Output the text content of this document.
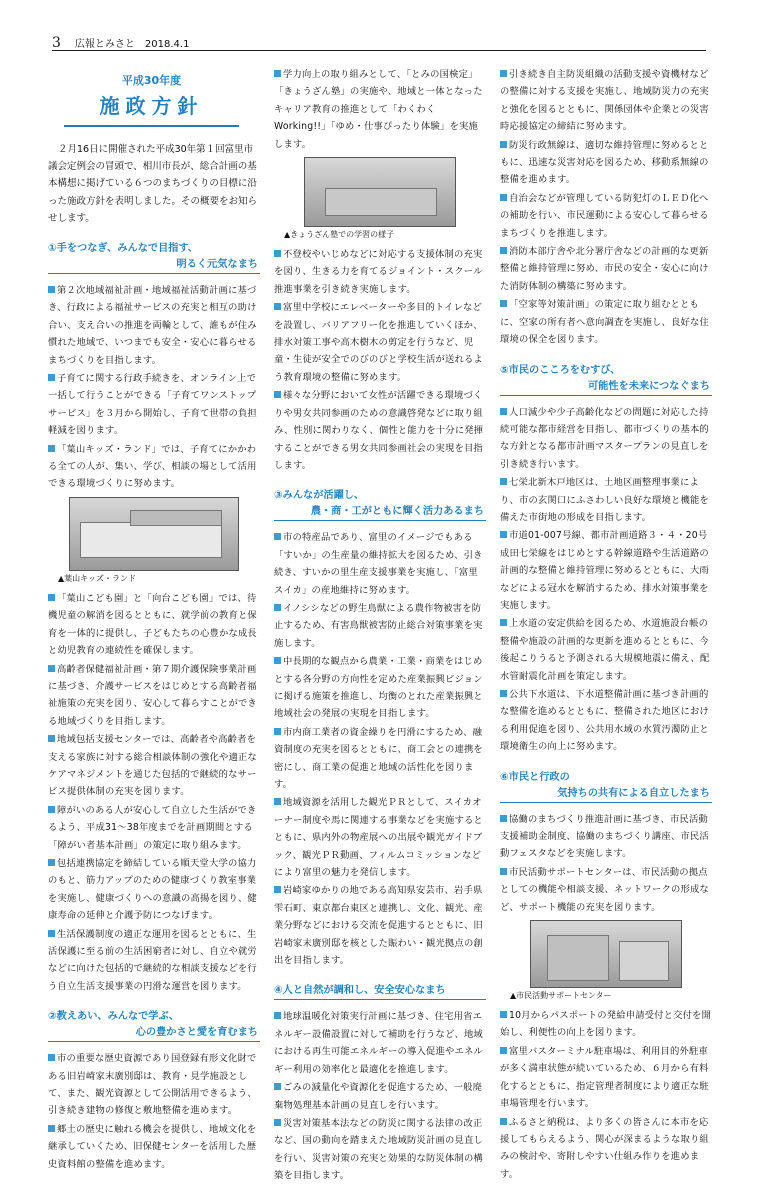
3 広報とみさと 2018.4.1
平成30年度
施政方針
２月16日に開催された平成30年第１回富里市議会定例会の冒頭で、相川市長が、総合計画の基本構想に掲げている６つのまちづくりの目標に沿った施政方針を表明しました。その概要をお知らせします。
①手をつなぎ、みんなで目指す、
明るく元気なまち
第２次地域福祉計画・地域福祉活動計画に基づき、行政による福祉サービスの充実と相互の助け合い、支え合いの推進を両輪として、誰もが住み慣れた地域で、いつまでも安全・安心に暮らせるまちづくりを目指します。
子育てに関する行政手続きを、オンライン上で一括して行うことができる「子育てワンストップサービス」を３月から開始し、子育て世帯の負担軽減を図ります。
「葉山キッズ・ランド」では、子育てにかかわる全ての人が、集い、学び、相談の場として活用できる環境づくりに努めます。
▲葉山キッズ・ランド
「葉山こども園」と「向台こども園」では、待機児童の解消を図るとともに、就学前の教育と保育を一体的に提供し、子どもたちの心豊かな成長と幼児教育の連続性を確保します。
高齢者保健福祉計画・第７期介護保険事業計画に基づき、介護サービスをはじめとする高齢者福祉施策の充実を図り、安心して暮らすことができる地域づくりを目指します。
地域包括支援センターでは、高齢者や高齢者を支える家族に対する総合相談体制の強化や適正なケアマネジメントを通じた包括的で継続的なサービス提供体制の充実を図ります。
障がいのある人が安心して自立した生活ができるよう、平成31～38年度までを計画期間とする「障がい者基本計画」の策定に取り組みます。
包括連携協定を締結している順天堂大学の協力のもと、筋力アップのための健康づくり教室事業を実施し、健康づくりへの意識の高揚を図り、健康寿命の延伸と介護予防につなげます。
生活保護制度の適正な運用を図るとともに、生活保護に至る前の生活困窮者に対し、自立や就労などに向けた包括的で継続的な相談支援などを行う自立生活支援事業の円滑な運営を図ります。
②教えあい、みんなで学ぶ、
心の豊かさと愛を育むまち
市の重要な歴史資源であり国登録有形文化財である旧岩崎家末廣別邸は、教育・見学施設として、また、観光資源として公開活用できるよう、引き続き建物の修復と敷地整備を進めます。
郷土の歴史に触れる機会を提供し、地域文化を継承していくため、旧保健センターを活用した歴史資料館の整備を進めます。
学力向上の取り組みとして、「とみの国検定」「きょうざん塾」の実施や、地域と一体となったキャリア教育の推進として「わくわくWorking!!」「ゆめ・仕事ぴったり体験」を実施します。
▲きょうざん塾での学習の様子
不登校やいじめなどに対応する支援体制の充実を図り、生きる力を育てるジョイント・スクール推進事業を引き続き実施します。
富里中学校にエレベーターや多目的トイレなどを設置し、バリアフリー化を推進していくほか、排水対策工事や高木樹木の剪定を行うなど、児童・生徒が安全でのびのびと学校生活が送れるよう教育環境の整備に努めます。
様々な分野において女性が活躍できる環境づくりや男女共同参画のための意識啓発などに取り組み、性別に関わりなく、個性と能力を十分に発揮することができる男女共同参画社会の実現を目指します。
③みんなが活躍し、
農・商・工がともに輝く活力あるまち
市の特産品であり、富里のイメージでもある「すいか」の生産量の維持拡大を図るため、引き続き、すいかの里生産支援事業を実施し、「富里スイカ」の産地維持に努めます。
イノシシなどの野生鳥獣による農作物被害を防止するため、有害鳥獣被害防止総合対策事業を実施します。
中長期的な観点から農業・工業・商業をはじめとする各分野の方向性を定めた産業振興ビジョンに掲げる施策を推進し、均衡のとれた産業振興と地域社会の発展の実現を目指します。
市内商工業者の資金繰りを円滑にするため、融資制度の充実を図るとともに、商工会との連携を密にし、商工業の促進と地域の活性化を図ります。
地域資源を活用した観光ＰＲとして、スイカオーナー制度や馬に関連する事業などを実施するとともに、県内外の物産展への出展や観光ガイドブック、観光ＰＲ動画、フィルムコミッションなどにより富里の魅力を発信します。
岩崎家ゆかりの地である高知県安芸市、岩手県雫石町、東京都台東区と連携し、文化、観光、産業分野などにおける交流を促進するとともに、旧岩崎家末廣別邸を核とした賑わい・観光拠点の創出を目指します。
④人と自然が調和し、安全安心なまち
地球温暖化対策実行計画に基づき、住宅用省エネルギー設備設置に対して補助を行うなど、地域における再生可能エネルギーの導入促進やエネルギー利用の効率化と最適化を推進します。
ごみの減量化や資源化を促進するため、一般廃棄物処理基本計画の見直しを行います。
災害対策基本法などの防災に関する法律の改正など、国の動向を踏まえた地域防災計画の見直しを行い、災害対策の充実と効果的な防災体制の構築を目指します。
引き続き自主防災組織の活動支援や資機材などの整備に対する支援を実施し、地域防災力の充実と強化を図るとともに、関係団体や企業との災害時応援協定の締結に努めます。
防災行政無線は、適切な維持管理に努めるとともに、迅速な災害対応を図るため、移動系無線の整備を進めます。
自治会などが管理している防犯灯のＬＥＤ化への補助を行い、市民運動による安心して暮らせるまちづくりを推進します。
消防本部庁舎や北分署庁舎などの計画的な更新整備と維持管理に努め、市民の安全・安心に向けた消防体制の構築に努めます。
「空家等対策計画」の策定に取り組むとともに、空家の所有者へ意向調査を実施し、良好な住環境の保全を図ります。
⑤市民のこころをむすび、
可能性を未来につなぐまち
人口減少や少子高齢化などの問題に対応した持続可能な都市経営を目指し、都市づくりの基本的な方針となる都市計画マスタープランの見直しを引き続き行います。
七栄北新木戸地区は、土地区画整理事業により、市の玄関口にふさわしい良好な環境と機能を備えた市街地の形成を目指します。
市道01-007号線、都市計画道路３・４・20号成田七栄線をはじめとする幹線道路や生活道路の計画的な整備と維持管理に努めるとともに、大雨などによる冠水を解消するため、排水対策事業を実施します。
上水道の安定供給を図るため、水道施設台帳の整備や施設の計画的な更新を進めるとともに、今後起こりうると予測される大規模地震に備え、配水管耐震化計画を策定します。
公共下水道は、下水道整備計画に基づき計画的な整備を進めるとともに、整備された地区における利用促進を図り、公共用水域の水質汚濁防止と環境衛生の向上に努めます。
⑥市民と行政の
気持ちの共有による自立したまち
協働のまちづくり推進計画に基づき、市民活動支援補助金制度、協働のまちづくり講座、市民活動フェスタなどを実施します。
市民活動サポートセンターは、市民活動の拠点としての機能や相談支援、ネットワークの形成など、サポート機能の充実を図ります。
▲市民活動サポートセンター
10月からパスポートの発給申請受付と交付を開始し、利便性の向上を図ります。
富里バスターミナル駐車場は、利用目的外駐車が多く満車状態が続いているため、６月から有料化するとともに、指定管理者制度により適正な駐車場管理を行います。
ふるさと納税は、より多くの皆さんに本市を応援してもらえるよう、関心が深まるような取り組みの検討や、寄附しやすい仕組み作りを進めます。
